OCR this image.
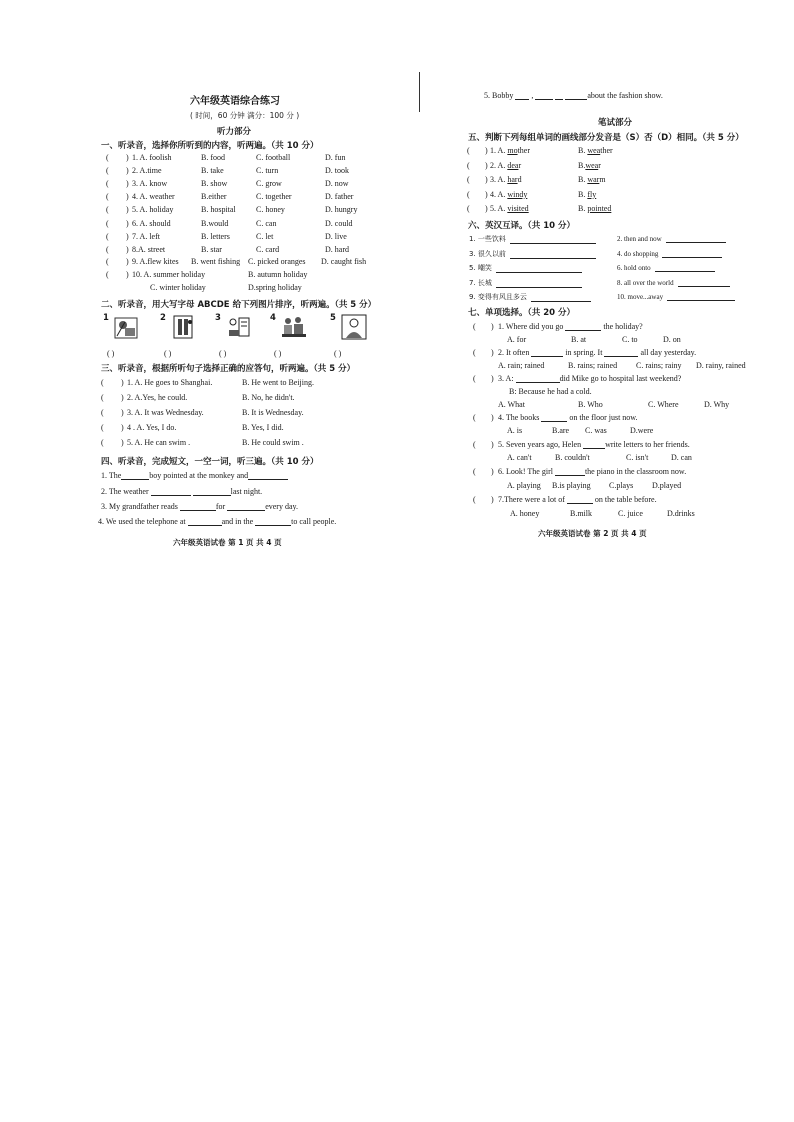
六年级英语综合练习
( 时间，60 分钟 满分：100 分 )
听力部分
一、听录音，选择你所听到的内容，听两遍。（共 10 分）
( ) 1. A. foolish	B. food	C. football	D. fun
( ) 2. A.time	B. take	C. turn	D. took
( ) 3. A. know	B. show	C. grow	D. now
( ) 4. A. weather	B.either	C. together	D. father
( ) 5. A. holiday	B. hospital	C. honey	D. hungry
( ) 6. A. should	B.would	C. can	D. could
( ) 7. A. left	B. letters	C. let	D. live
( ) 8.A. street	B. star	C. card	D. hard
( ) 9. A.flew kites B. went fishing C. picked oranges D. caught fish
( ) 10. A. summer holiday	B. autumn holiday
C. winter holiday	D.spring holiday
二、听录音，用大写字母 ABCDE 给下列图片排序，听两遍。（共 5 分）
1
( )
2
( )
3
( )
4
( )
5
( )
三、听录音，根据所听句子选择正确的应答句，听两遍。（共 5 分）
( ) 1. A. He goes to Shanghai.	B. He went to Beijing.
( ) 2. A.Yes, he could.	B. No, he didn't.
( ) 3. A. It was Wednesday.	B. It is Wednesday.
( ) 4 . A. Yes, I do.	B. Yes, I did.
( ) 5. A. He can swim .	B. He could swim .
四、听录音，完成短文，一空一词，听三遍。（共 10 分）
1. The	boy pointed at the monkey and
2. The weather	last night.
3. My grandfather reads	for	every day.
4. We used the telephone at	and in the	to call people.
六年级英语试卷 第 1 页 共 4 页
5. Bobby  ,	about the fashion show.
笔试部分
五、判断下列每组单词的画线部分发音是（S）否（D）相同。（共 5 分）
( ) 1. A. mother	B. weather
( ) 2. A. dear	B.wear
( ) 3. A. hard	B. warm
( ) 4. A. windy	B. fly
( ) 5. A. visited	B. pointed
六、英汉互译。（共 10 分）
1. 一些饮料	2. then and now
3. 很久以前	4. do shopping
5. 嘲笑	6. hold onto
7. 长城	8. all over the world
9. 变得有风且多云	10. move...away
七、单项选择。（共 20 分）
( ) 1. Where did you go	the holiday?
A. for	B. at	C. to	D. on
( ) 2. It often	in spring. It	all day yesterday.
A. rain; rained	B. rains; rained C. rains; rainy D. rainy, rained
( ) 3. A:	did Mike go to hospital last weekend?
B: Because he had a cold.
A. What	B. Who	C. Where	D. Why
( ) 4. The books	on the floor just now.
A. is	B.are C. was	D.were
( ) 5. Seven years ago, Helen	write letters to her friends.
A. can't	B. couldn't	C. isn't	D. can
( ) 6. Look! The girl	the piano in the classroom now.
A. playing B.is playing C.plays D.played
( ) 7.There were a lot of	on the table before.
A. honey	B.milk	C. juice	D.drinks
六年级英语试卷 第 2 页 共 4 页
